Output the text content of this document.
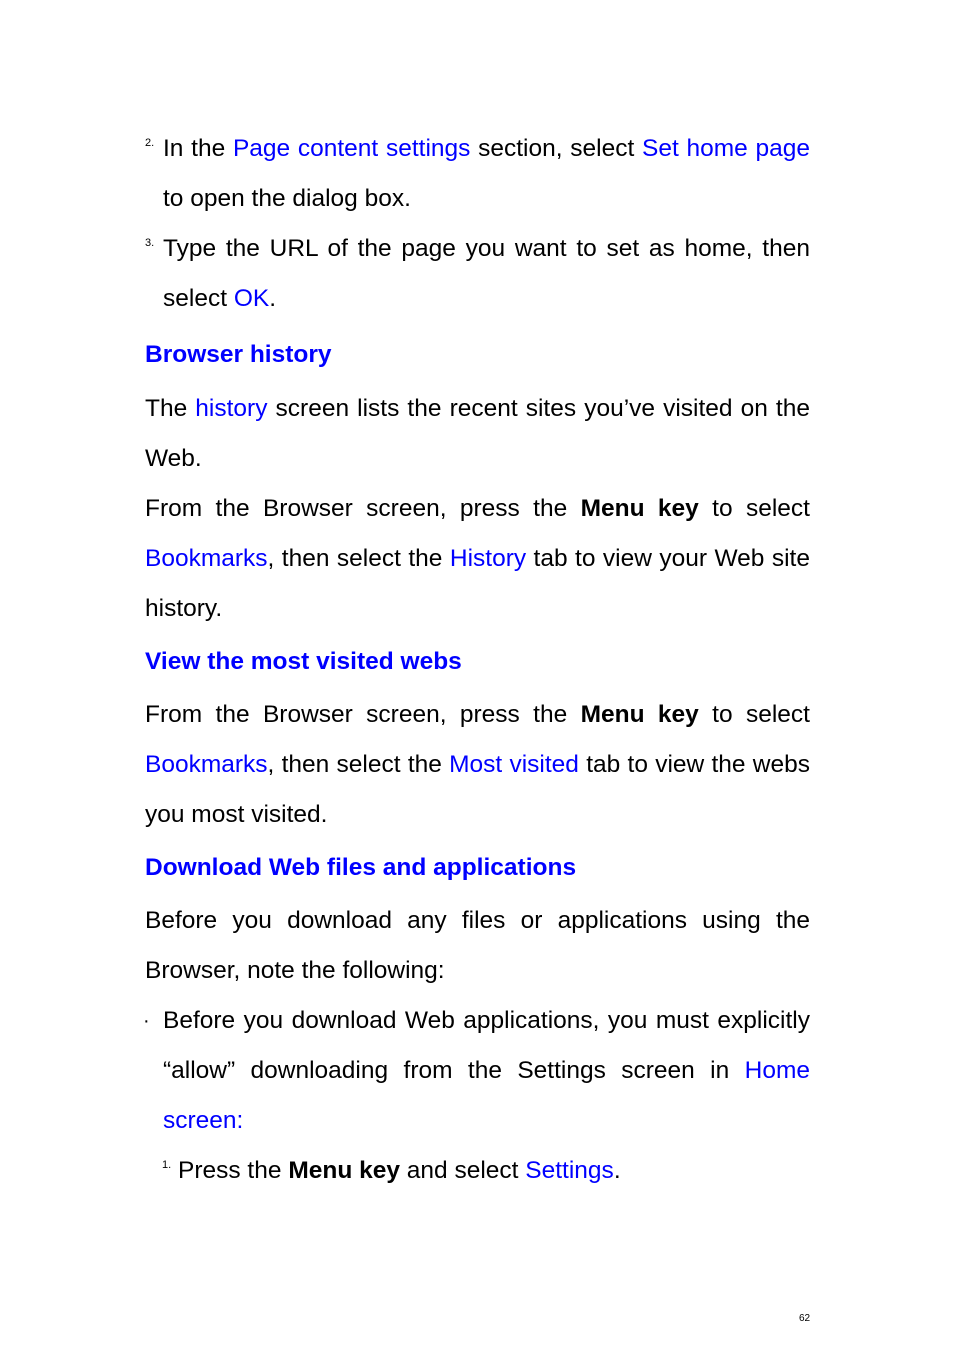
2. In the Page content settings section, select Set home page to open the dialog box.
3. Type the URL of the page you want to set as home, then select OK.
Browser history
The history screen lists the recent sites you’ve visited on the Web.
From the Browser screen, press the Menu key to select Bookmarks, then select the History tab to view your Web site history.
View the most visited webs
From the Browser screen, press the Menu key to select Bookmarks, then select the Most visited tab to view the webs you most visited.
Download Web files and applications
Before you download any files or applications using the Browser, note the following:
· Before you download Web applications, you must explicitly “allow” downloading from the Settings screen in Home screen:
1. Press the Menu key and select Settings.
62
